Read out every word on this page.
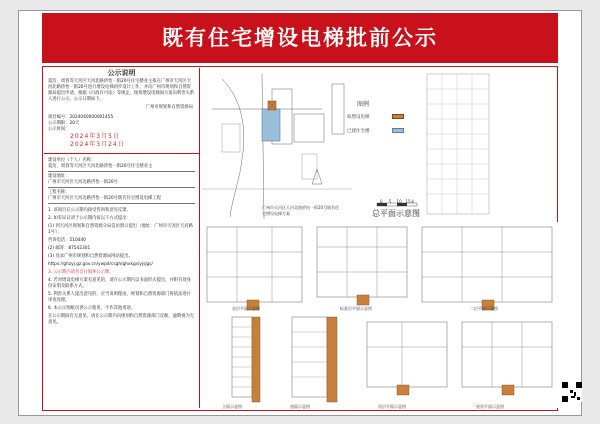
既有住宅增设电梯批前公示
公示说明

夏浩、周春等天河区天河北路侨怡一街20号住宅楼业主拟在广州市天河区天河北路侨怡一街20号进行增设电梯初步设计工作，并向广州市规划和自然资源局提出申请。根据《行政许可法》等规定，现将增设电梯间方案向利害关系人进行公示。公示日期如下。

广州市规划和自然资源局
项目编号：2024040000001455
公示期限：20天
公示时间：
2024年3月5日
2024年3月24日
建设单位（个人）名称：
夏浩、周春等天河区天河北路侨怡一街20号住宅楼业主
建设地址：
广州市天河区天河北路侨怡一街20号
工程名称：
广州市天河区天河北路侨怡一街20号既有住宅增设电梯工程

1. 该项目在公示期内接受咨询和意见反馈。

2. 如有异议请于公示期内按以下方式提出：

(1) 到天河区规划和自然资源分局信访窗口提出（地址：广州市天河区天府路1号）；

咨询电话：510440

(2) 邮寄：87542301

(3) 登录广州市规划和自然资源局网站提出。

https://ghzyj.gz.gov.cn/ywpd/csgh/ghxkgs/yjsjgs/

3. 公示期内请勿自行毁坏公示牌。

4. 若对增设电梯方案有意见的，请在公示期内以书面形式提出，并附有效身份证明及联系方式。

5. 利害关系人提出意见的，应当说明理由，规划和自然资源部门将依法进行审查处理。

6. 本公示图纸仅供公示使用，不作其他用途。

在公示期间有无意见，请在公示期内向规划和自然资源部门反映，逾期视为无意见。

广州市天河区天河北路侨怡一街20号既有住宅增设电梯方案
图例
拟增设电梯
已建住宅楼
0 5 10 15米
总平面示意图
首层平面示意图	标准层平面示意图	二层平面示意图
立面示意图	剖面示意图	顶层平面示意图	屋顶平面示意图
